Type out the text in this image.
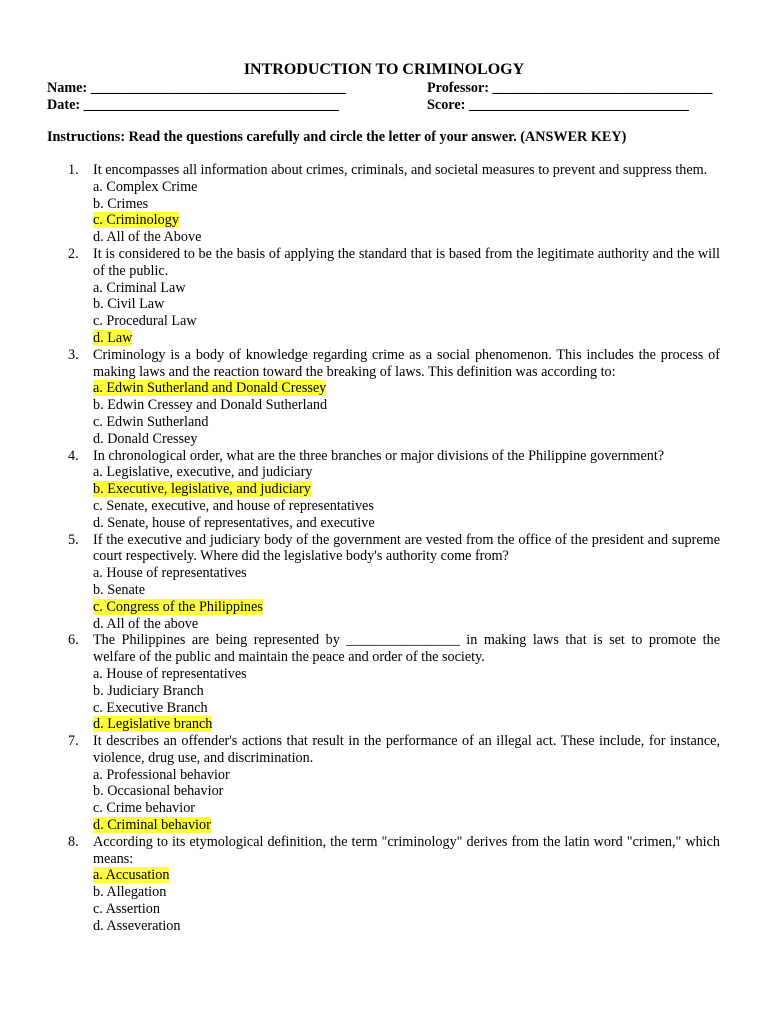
INTRODUCTION TO CRIMINOLOGY
Name: ____________________________________	Professor: _______________________________
Date: ____________________________________	Score: _______________________________
Instructions: Read the questions carefully and circle the letter of your answer. (ANSWER KEY)
1. It encompasses all information about crimes, criminals, and societal measures to prevent and suppress them.
a. Complex Crime
b. Crimes
c. Criminology
d. All of the Above
2. It is considered to be the basis of applying the standard that is based from the legitimate authority and the will of the public.
a. Criminal Law
b. Civil Law
c. Procedural Law
d. Law
3. Criminology is a body of knowledge regarding crime as a social phenomenon. This includes the process of making laws and the reaction toward the breaking of laws. This definition was according to:
a. Edwin Sutherland and Donald Cressey
b. Edwin Cressey and Donald Sutherland
c. Edwin Sutherland
d. Donald Cressey
4. In chronological order, what are the three branches or major divisions of the Philippine government?
a. Legislative, executive, and judiciary
b. Executive, legislative, and judiciary
c. Senate, executive, and house of representatives
d. Senate, house of representatives, and executive
5. If the executive and judiciary body of the government are vested from the office of the president and supreme court respectively. Where did the legislative body's authority come from?
a. House of representatives
b. Senate
c. Congress of the Philippines
d. All of the above
6. The Philippines are being represented by ________________ in making laws that is set to promote the welfare of the public and maintain the peace and order of the society.
a. House of representatives
b. Judiciary Branch
c. Executive Branch
d. Legislative branch
7. It describes an offender's actions that result in the performance of an illegal act. These include, for instance, violence, drug use, and discrimination.
a. Professional behavior
b. Occasional behavior
c. Crime behavior
d. Criminal behavior
8. According to its etymological definition, the term "criminology" derives from the latin word "crimen," which means:
a. Accusation
b. Allegation
c. Assertion
d. Asseveration
